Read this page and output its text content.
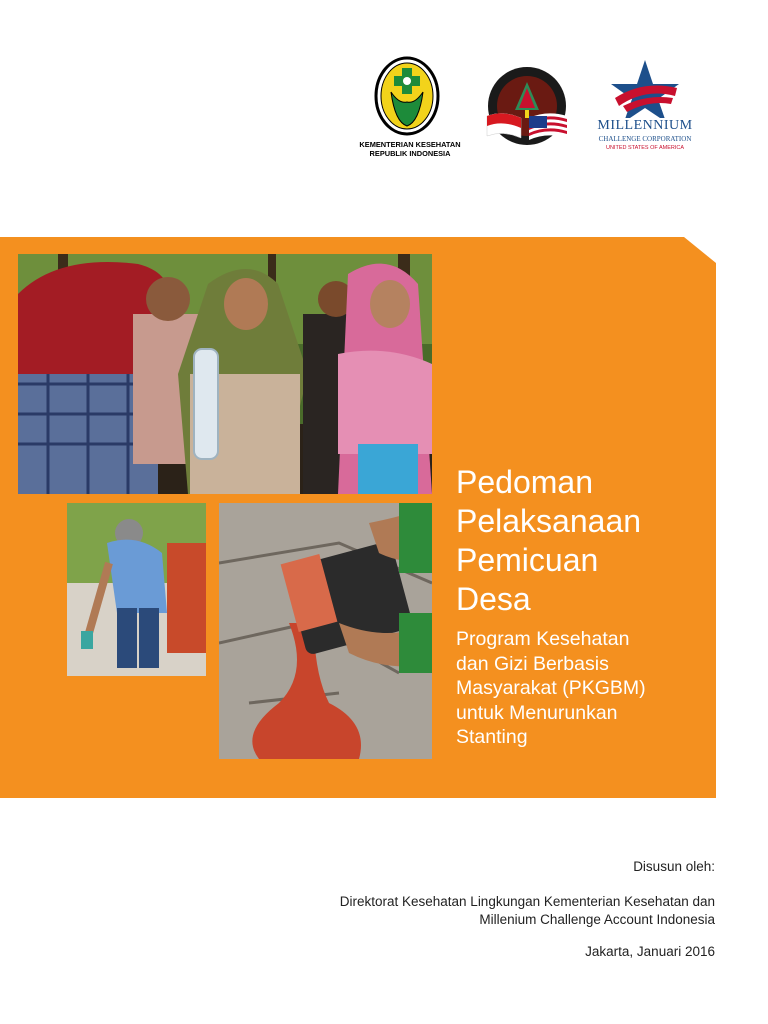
KEMENTERIAN KESEHATAN
REPUBLIK INDONESIA
MILLENNIUM
CHALLENGE CORPORATION
UNITED STATES OF AMERICA
Pedoman
Pelaksanaan
Pemicuan
Desa
Program Kesehatan
dan Gizi Berbasis
Masyarakat (PKGBM)
untuk Menurunkan
Stanting
Disusun oleh:
Direktorat Kesehatan Lingkungan Kementerian Kesehatan dan
Millenium Challenge Account Indonesia
Jakarta, Januari 2016
